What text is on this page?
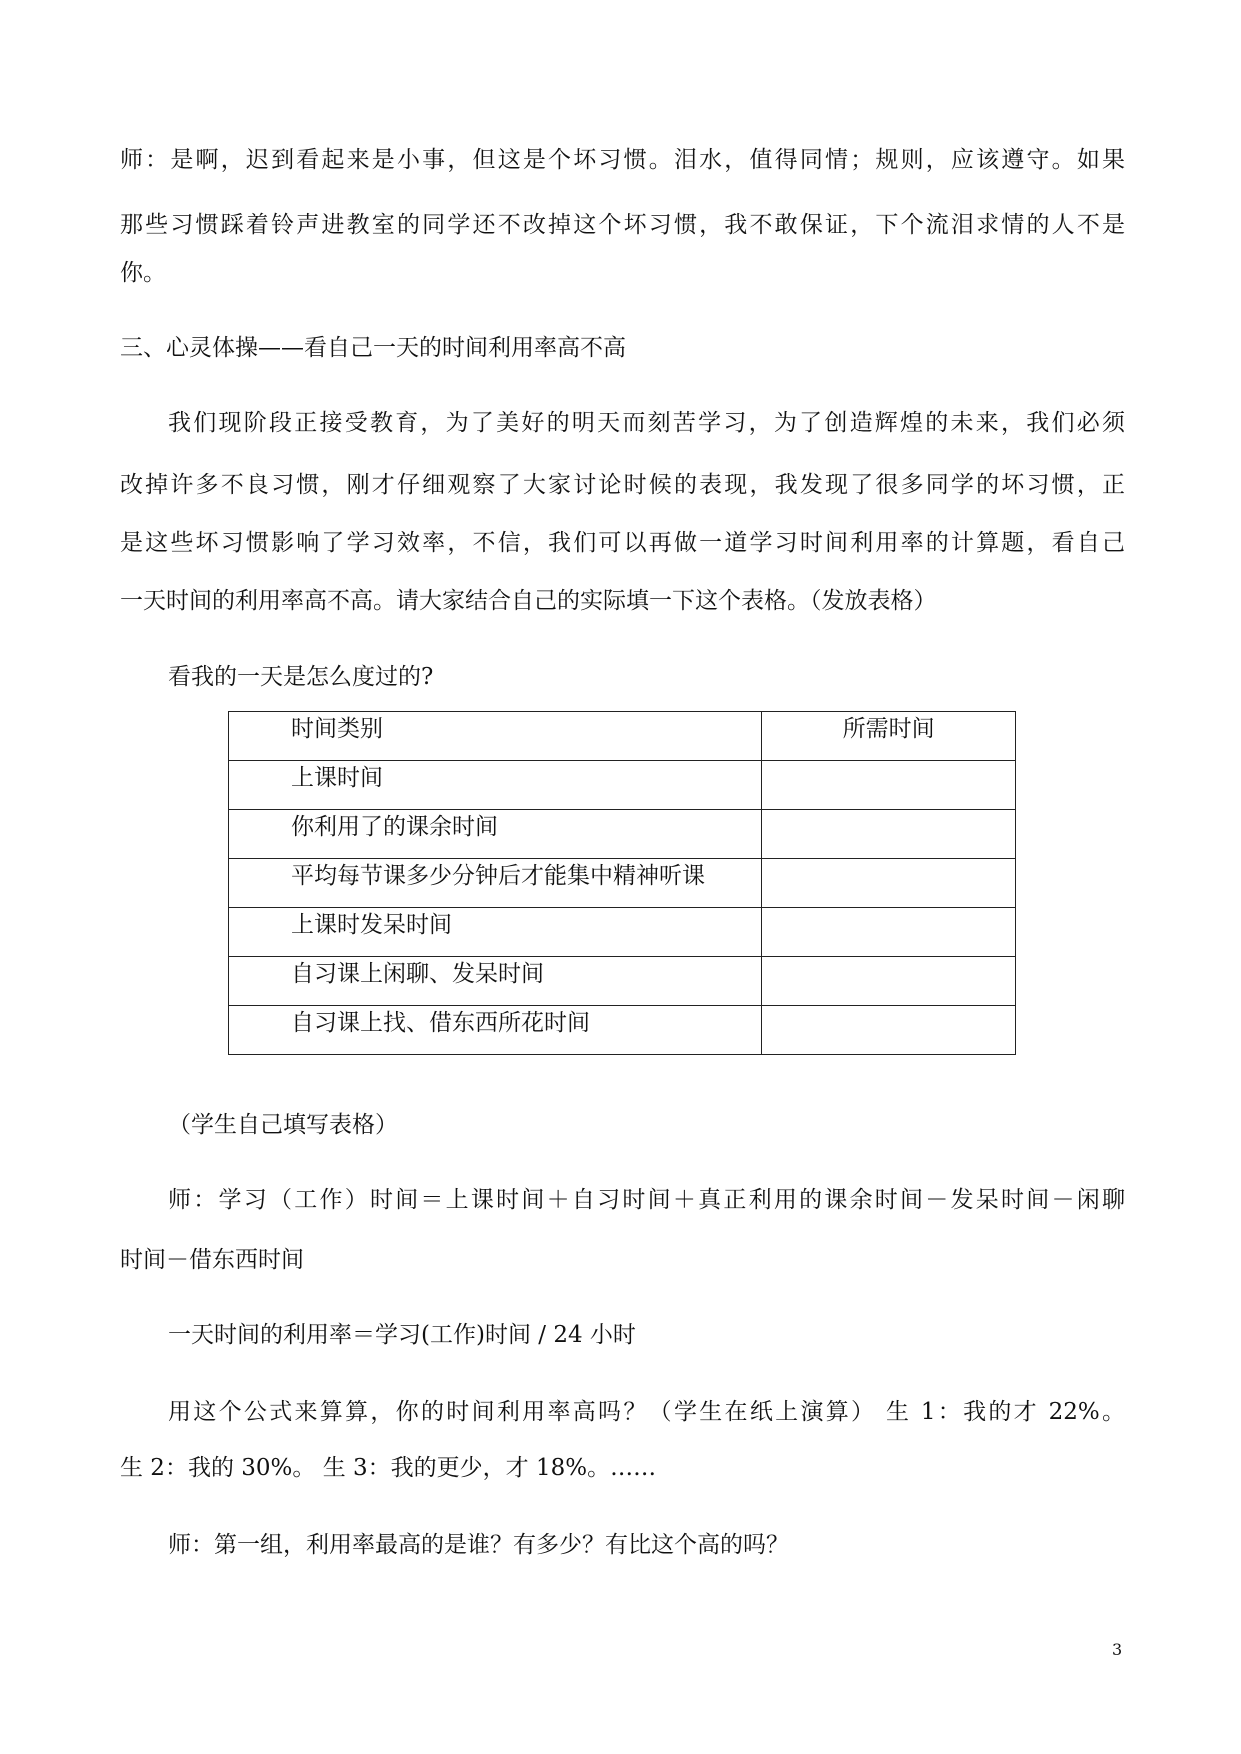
师：是啊，迟到看起来是小事，但这是个坏习惯。泪水，值得同情；规则，应该遵守。如果
那些习惯踩着铃声进教室的同学还不改掉这个坏习惯，我不敢保证，下个流泪求情的人不是
你。
三、心灵体操——看自己一天的时间利用率高不高
我们现阶段正接受教育，为了美好的明天而刻苦学习，为了创造辉煌的未来，我们必须
改掉许多不良习惯，刚才仔细观察了大家讨论时候的表现，我发现了很多同学的坏习惯，正
是这些坏习惯影响了学习效率，不信，我们可以再做一道学习时间利用率的计算题，看自己
一天时间的利用率高不高。请大家结合自己的实际填一下这个表格。（发放表格）
看我的一天是怎么度过的?
时间类别	所需时间
上课时间	
你利用了的课余时间	
平均每节课多少分钟后才能集中精神听课	
上课时发呆时间	
自习课上闲聊、发呆时间	
自习课上找、借东西所花时间	
（学生自己填写表格）
师：学习（工作）时间＝上课时间＋自习时间＋真正利用的课余时间－发呆时间－闲聊
时间－借东西时间
一天时间的利用率＝学习(工作)时间 / 24 小时
用这个公式来算算，你的时间利用率高吗？（学生在纸上演算） 生 1：我的才 22%。
生 2：我的 30%。 生 3：我的更少，才 18%。……
师：第一组，利用率最高的是谁？有多少？有比这个高的吗？
3
